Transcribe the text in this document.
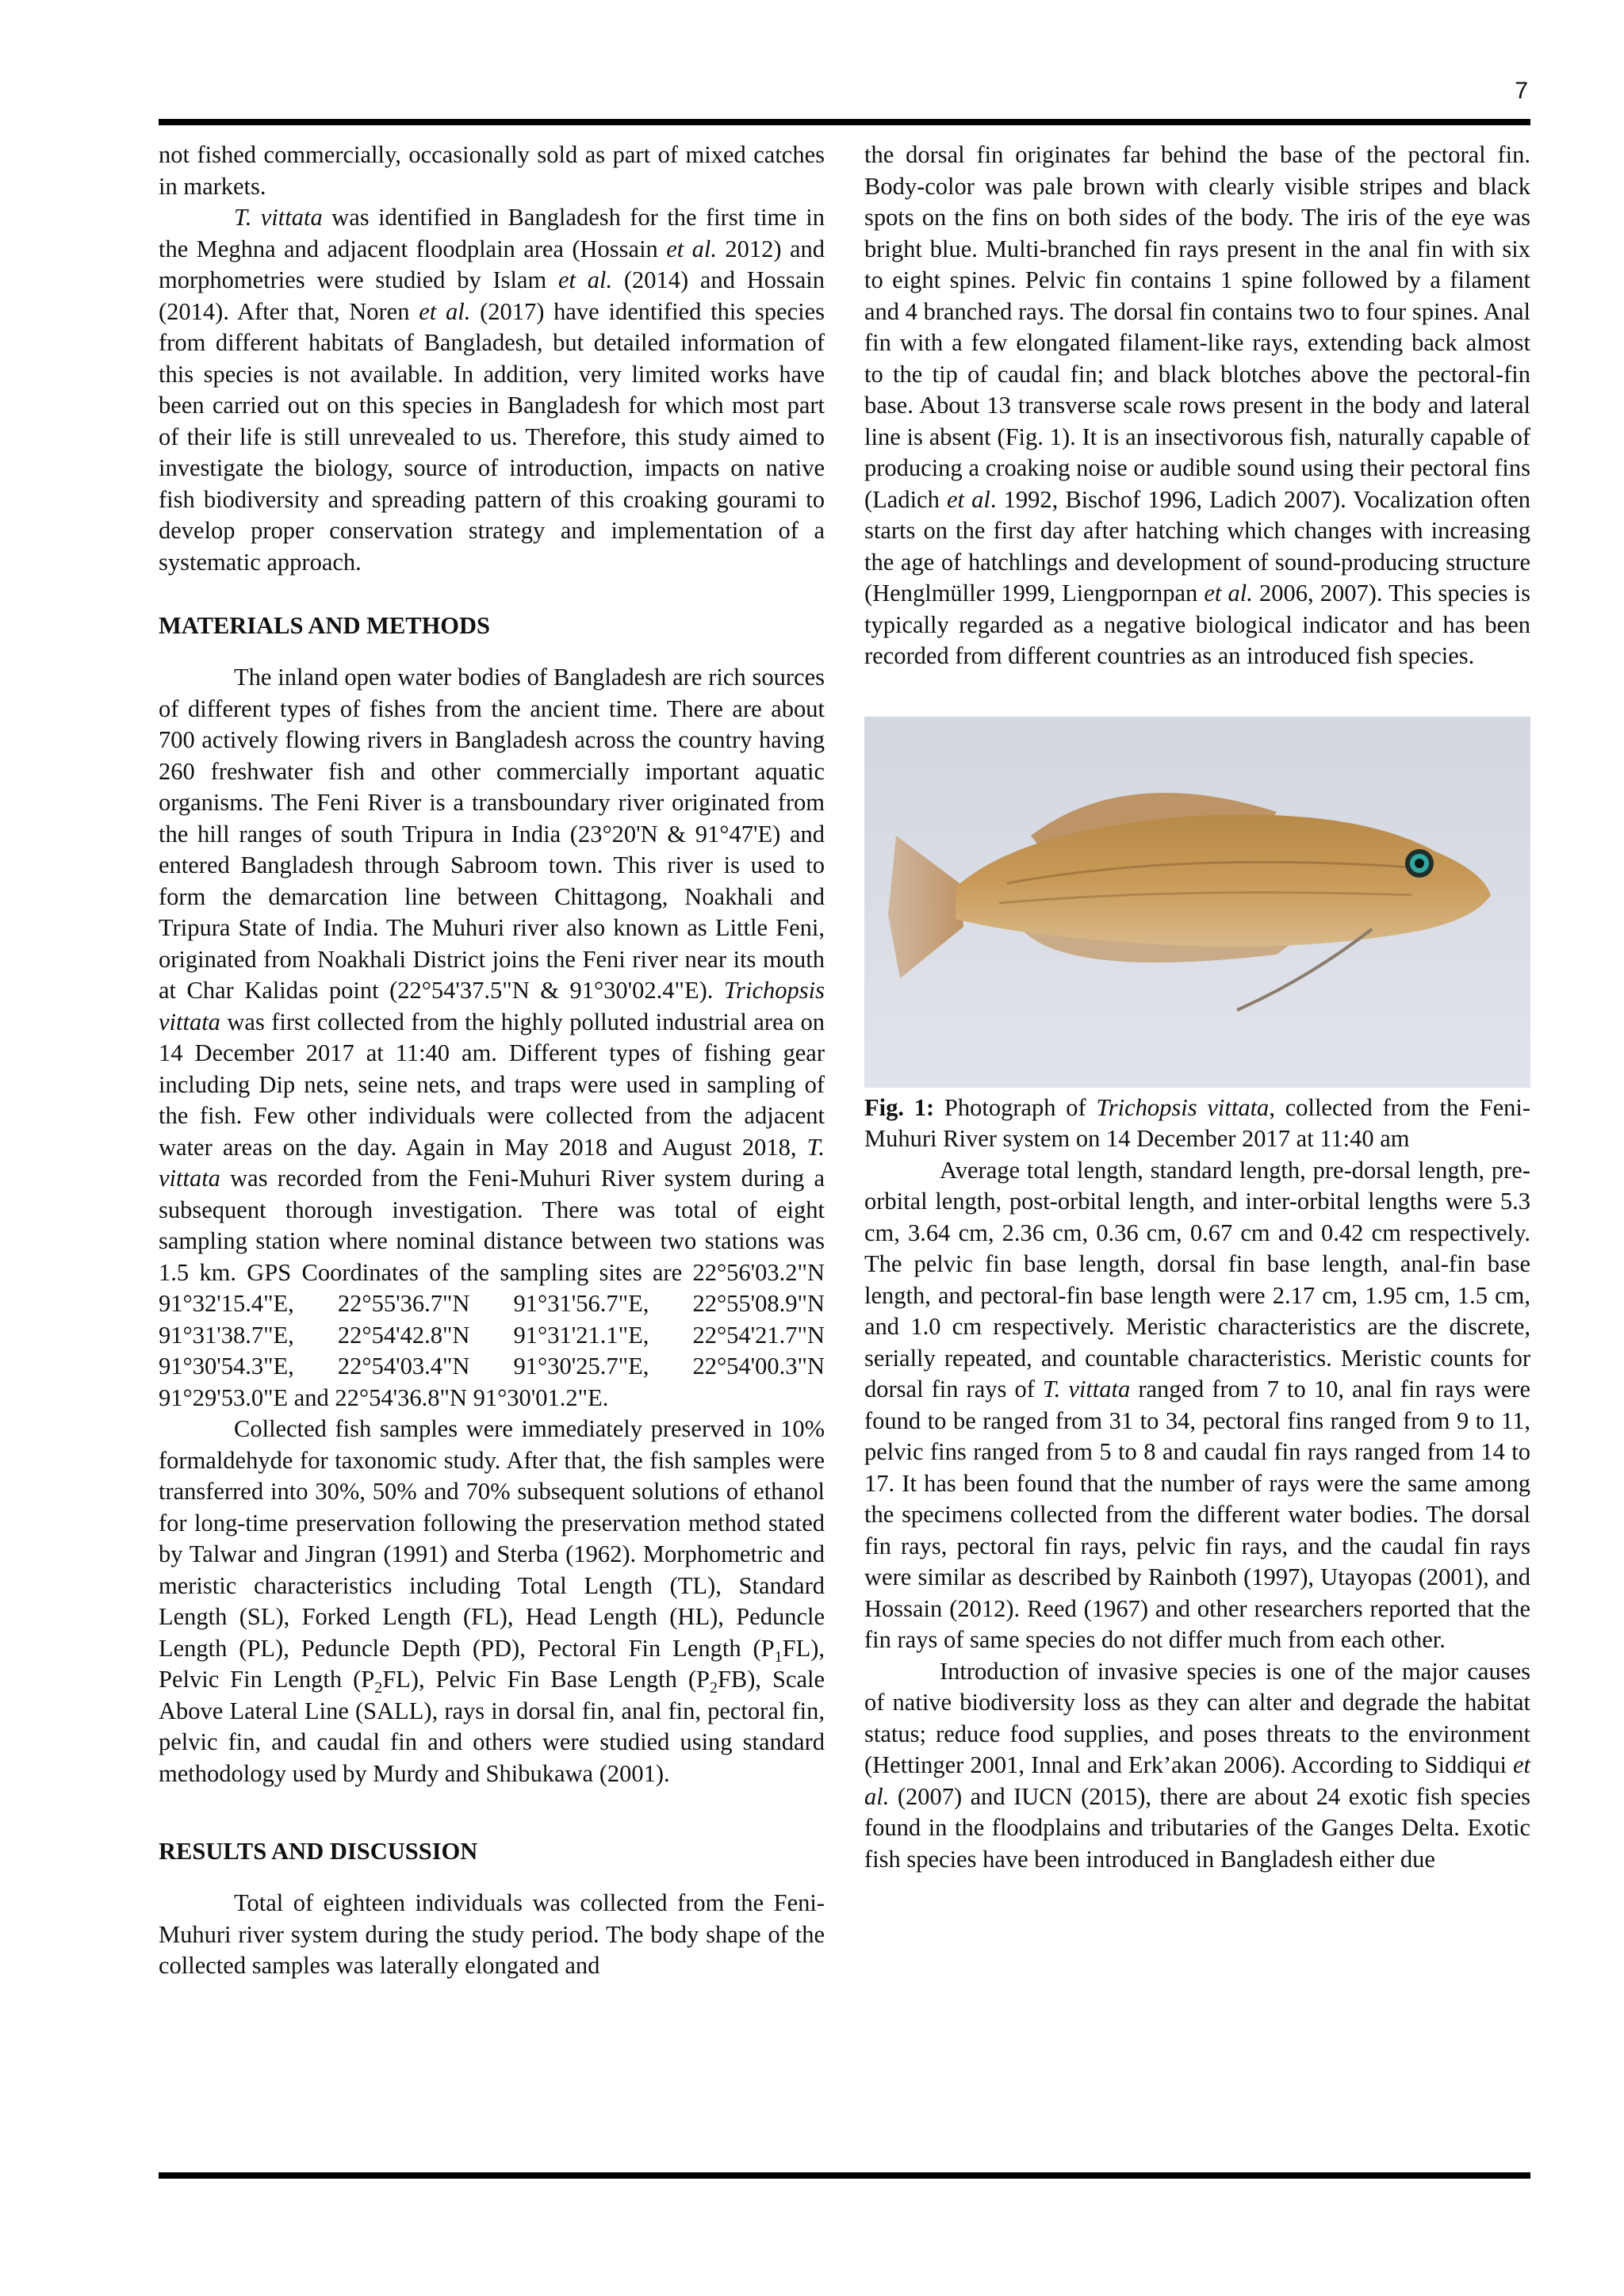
7

not fished commercially, occasionally sold as part of mixed catches in markets.

T. vittata was identified in Bangladesh for the first time in the Meghna and adjacent floodplain area (Hossain et al. 2012) and morphometries were studied by Islam et al. (2014) and Hossain (2014). After that, Noren et al. (2017) have identified this species from different habitats of Bangladesh, but detailed information of this species is not available. In addition, very limited works have been carried out on this species in Bangladesh for which most part of their life is still unrevealed to us. Therefore, this study aimed to investigate the biology, source of introduction, impacts on native fish biodiversity and spreading pattern of this croaking gourami to develop proper conservation strategy and implementation of a systematic approach.

MATERIALS AND METHODS

The inland open water bodies of Bangladesh are rich sources of different types of fishes from the ancient time. There are about 700 actively flowing rivers in Bangladesh across the country having 260 freshwater fish and other commercially important aquatic organisms. The Feni River is a transboundary river originated from the hill ranges of south Tripura in India (23°20'N & 91°47'E) and entered Bangladesh through Sabroom town. This river is used to form the demarcation line between Chittagong, Noakhali and Tripura State of India. The Muhuri river also known as Little Feni, originated from Noakhali District joins the Feni river near its mouth at Char Kalidas point (22°54'37.5"N & 91°30'02.4"E). Trichopsis vittata was first collected from the highly polluted industrial area on 14 December 2017 at 11:40 am. Different types of fishing gear including Dip nets, seine nets, and traps were used in sampling of the fish. Few other individuals were collected from the adjacent water areas on the day. Again in May 2018 and August 2018, T. vittata was recorded from the Feni-Muhuri River system during a subsequent thorough investigation. There was total of eight sampling station where nominal distance between two stations was 1.5 km. GPS Coordinates of the sampling sites are 22°56'03.2"N 91°32'15.4"E, 22°55'36.7"N 91°31'56.7"E, 22°55'08.9"N 91°31'38.7"E, 22°54'42.8"N 91°31'21.1"E, 22°54'21.7"N 91°30'54.3"E, 22°54'03.4"N 91°30'25.7"E, 22°54'00.3"N 91°29'53.0"E and 22°54'36.8"N 91°30'01.2"E.

Collected fish samples were immediately preserved in 10% formaldehyde for taxonomic study. After that, the fish samples were transferred into 30%, 50% and 70% subsequent solutions of ethanol for long-time preservation following the preservation method stated by Talwar and Jingran (1991) and Sterba (1962). Morphometric and meristic characteristics including Total Length (TL), Standard Length (SL), Forked Length (FL), Head Length (HL), Peduncle Length (PL), Peduncle Depth (PD), Pectoral Fin Length $(P_1FL)$, Pelvic Fin Length $(P_2FL)$, Pelvic Fin Base Length $(P_2FB)$, Scale Above Lateral Line (SALL), rays in dorsal fin, anal fin, pectoral fin, pelvic fin, and caudal fin and others were studied using standard methodology used by Murdy and Shibukawa (2001).

RESULTS AND DISCUSSION

Total of eighteen individuals was collected from the Feni-Muhuri river system during the study period. The body shape of the collected samples was laterally elongated and

the dorsal fin originates far behind the base of the pectoral fin. Body-color was pale brown with clearly visible stripes and black spots on the fins on both sides of the body. The iris of the eye was bright blue. Multi-branched fin rays present in the anal fin with six to eight spines. Pelvic fin contains 1 spine followed by a filament and 4 branched rays. The dorsal fin contains two to four spines. Anal fin with a few elongated filament-like rays, extending back almost to the tip of caudal fin; and black blotches above the pectoral-fin base. About 13 transverse scale rows present in the body and lateral line is absent (Fig. 1). It is an insectivorous fish, naturally capable of producing a croaking noise or audible sound using their pectoral fins (Ladich et al. 1992, Bischof 1996, Ladich 2007). Vocalization often starts on the first day after hatching which changes with increasing the age of hatchlings and development of sound-producing structure (Henglmüller 1999, Liengpornpan et al. 2006, 2007). This species is typically regarded as a negative biological indicator and has been recorded from different countries as an introduced fish species.

Fig. 1: Photograph of Trichopsis vittata, collected from the Feni-Muhuri River system on 14 December 2017 at 11:40 am

Average total length, standard length, pre-dorsal length, pre-orbital length, post-orbital length, and inter-orbital lengths were 5.3 cm, 3.64 cm, 2.36 cm, 0.36 cm, 0.67 cm and 0.42 cm respectively. The pelvic fin base length, dorsal fin base length, anal-fin base length, and pectoral-fin base length were 2.17 cm, 1.95 cm, 1.5 cm, and 1.0 cm respectively. Meristic characteristics are the discrete, serially repeated, and countable characteristics. Meristic counts for dorsal fin rays of T. vittata ranged from 7 to 10, anal fin rays were found to be ranged from 31 to 34, pectoral fins ranged from 9 to 11, pelvic fins ranged from 5 to 8 and caudal fin rays ranged from 14 to 17. It has been found that the number of rays were the same among the specimens collected from the different water bodies. The dorsal fin rays, pectoral fin rays, pelvic fin rays, and the caudal fin rays were similar as described by Rainboth (1997), Utayopas (2001), and Hossain (2012). Reed (1967) and other researchers reported that the fin rays of same species do not differ much from each other.

Introduction of invasive species is one of the major causes of native biodiversity loss as they can alter and degrade the habitat status; reduce food supplies, and poses threats to the environment (Hettinger 2001, Innal and Erk’akan 2006). According to Siddiqui et al. (2007) and IUCN (2015), there are about 24 exotic fish species found in the floodplains and tributaries of the Ganges Delta. Exotic fish species have been introduced in Bangladesh either due
